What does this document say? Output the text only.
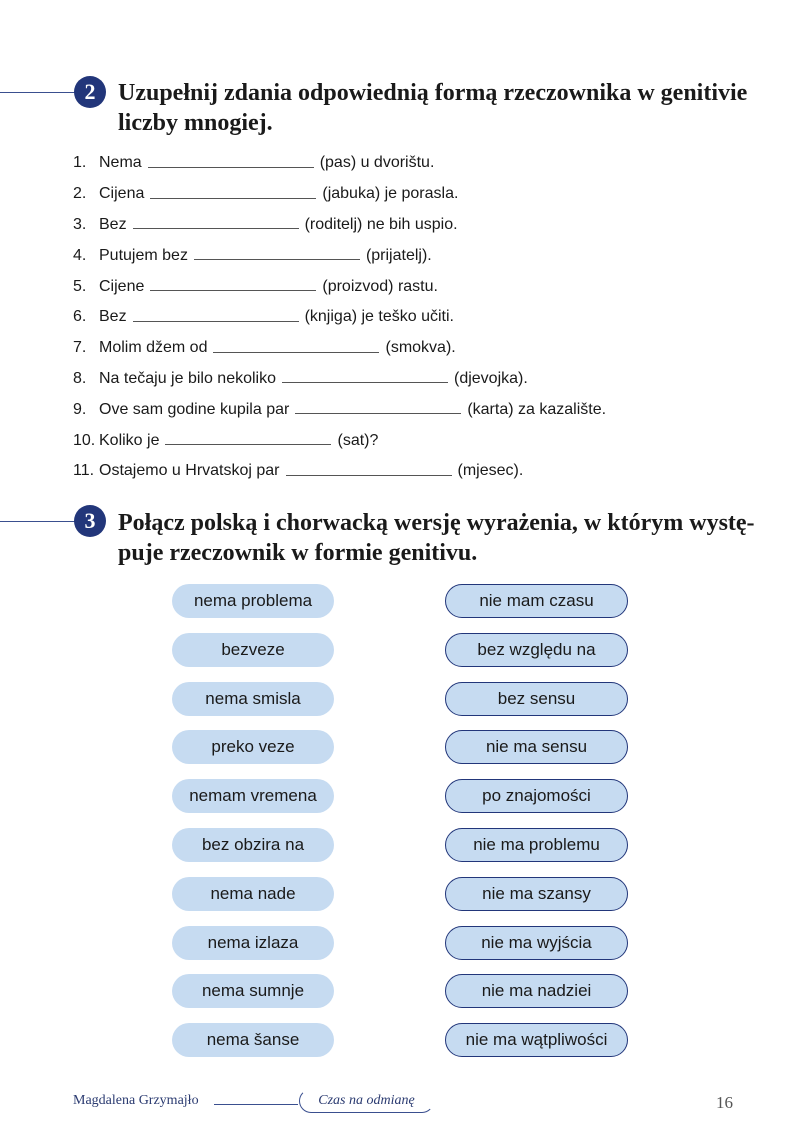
2 Uzupełnij zdania odpowiednią formą rzeczownika w genitivie
liczby mnogiej.
1. Nema	(pas) u dvorištu.
2. Cijena	(jabuka) je porasla.
3. Bez	(roditelj) ne bih uspio.
4. Putujem bez	(prijatelj).
5. Cijene	(proizvod) rastu.
6. Bez	(knjiga) je teško učiti.
7. Molim džem od	(smokva).
8. Na tečaju je bilo nekoliko	(djevojka).
9. Ove sam godine kupila par	(karta) za kazalište.
10. Koliko je	(sat)?
11. Ostajemo u Hrvatskoj par	(mjesec).
3 Połącz polską i chorwacką wersję wyrażenia, w którym wystę-
puje rzeczownik w formie genitivu.
nema problema
bezveze
nema smisla
preko veze
nemam vremena
bez obzira na
nema nade
nema izlaza
nema sumnje
nema šanse
nie mam czasu
bez względu na
bez sensu
nie ma sensu
po znajomości
nie ma problemu
nie ma szansy
nie ma wyjścia
nie ma nadziei
nie ma wątpliwości
Magdalena Grzymajło	Czas na odmianę	16
